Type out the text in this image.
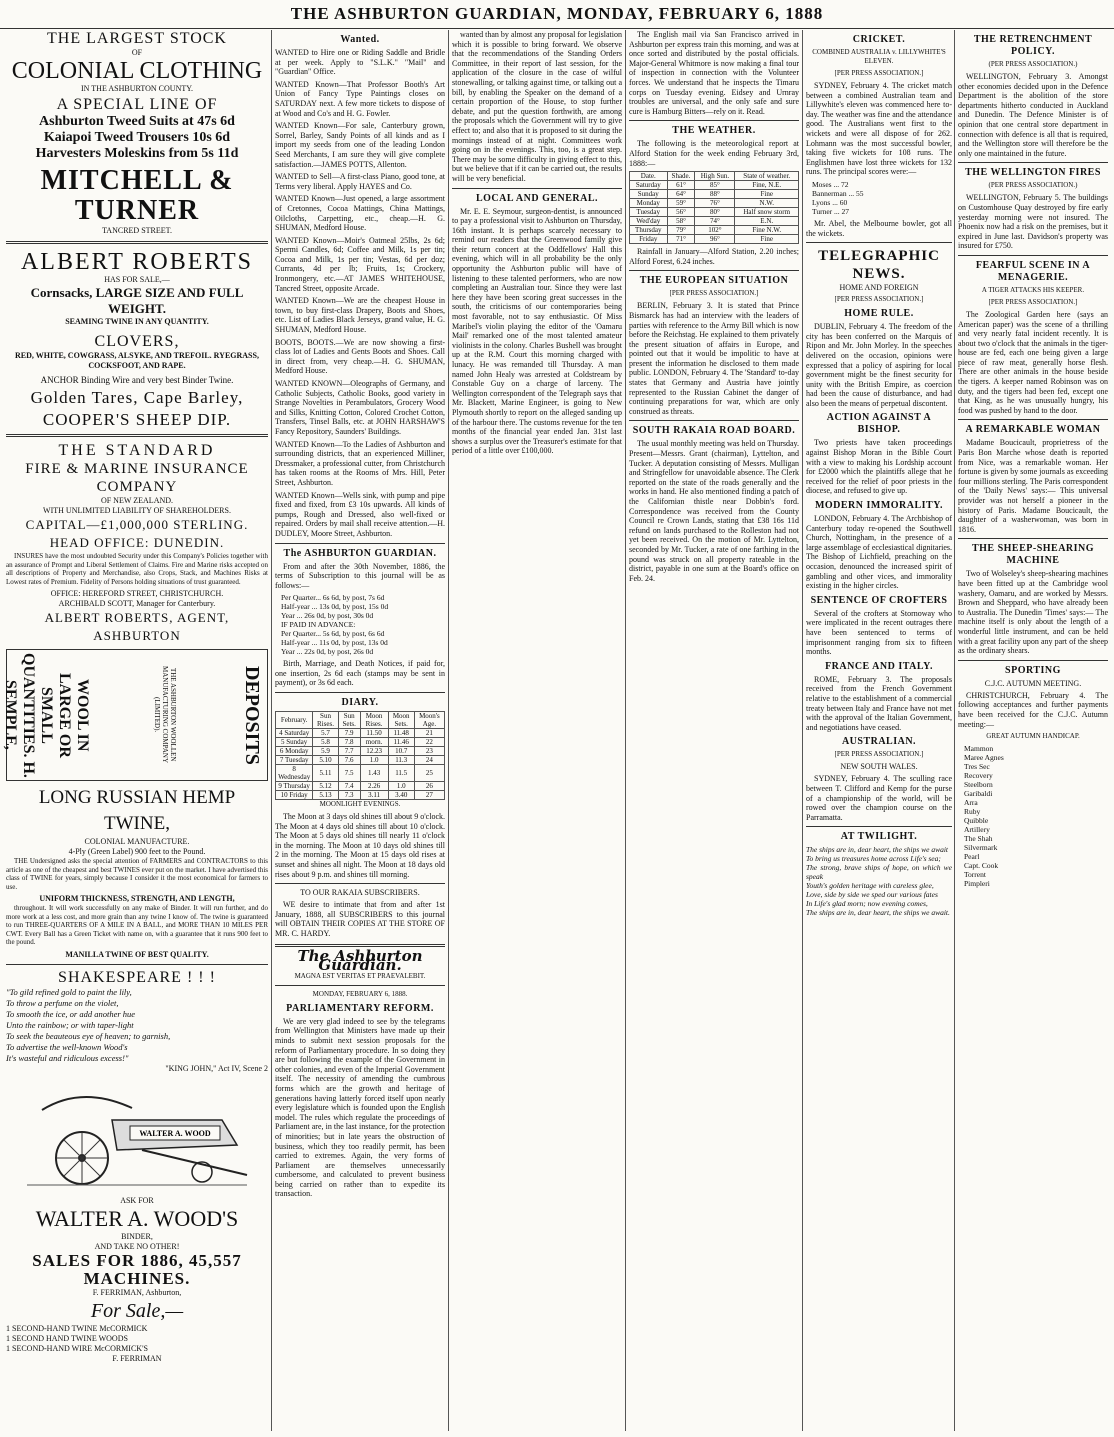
THE ASHBURTON GUARDIAN, MONDAY, FEBRUARY 6, 1888
THE LARGEST STOCK
OF
COLONIAL CLOTHING
IN THE ASHBURTON COUNTY.
A SPECIAL LINE OF
Ashburton Tweed Suits at 47s 6d
Kaiapoi Tweed Trousers 10s 6d
Harvesters Moleskins from 5s 11d
MITCHELL & TURNER
TANCRED STREET.
ALBERT ROBERTS
HAS FOR SALE,—
Cornsacks, LARGE SIZE AND FULL WEIGHT.
SEAMING TWINE IN ANY QUANTITY.
CLOVERS,
RED, WHITE, COWGRASS, ALSYKE, AND TREFOIL. RYEGRASS, COCKSFOOT, AND RAPE.
ANCHOR Binding Wire and very best Binder Twine.
Golden Tares, Cape Barley,
COOPER'S SHEEP DIP.
THE STANDARD
FIRE & MARINE INSURANCE COMPANY
OF NEW ZEALAND.
WITH UNLIMITED LIABILITY OF SHAREHOLDERS.
CAPITAL—£1,000,000 STERLING.
HEAD OFFICE: DUNEDIN.

INSURES have the most undoubted Security under this Company's Policies together with an assurance of Prompt and Liberal Settlement of Claims. Fire and Marine risks accepted on all descriptions of Property and Merchandise, also Crops, Stack, and Machines Risks at Lowest rates of Premium. Fidelity of Persons holding situations of trust guaranteed.

OFFICE: HEREFORD STREET, CHRISTCHURCH.
ARCHIBALD SCOTT, Manager for Canterbury.
ALBERT ROBERTS, AGENT, ASHBURTON
WOOL IN LARGE OR SMALL QUANTITIES. H. SEMPLE,	THE ASHBURTON WOOLLEN MANUFACTURING COMPANY (LIMITED).	DEPOSITS
LONG RUSSIAN HEMP TWINE,
COLONIAL MANUFACTURE.
4-Ply (Green Label) 900 feet to the Pound.

THE Undersigned asks the special attention of FARMERS and CONTRACTORS to this article as one of the cheapest and best TWINES ever put on the market. I have advertised this class of TWINE for years, simply because I consider it the most economical for farmers to use.

UNIFORM THICKNESS, STRENGTH, AND LENGTH,

throughout. It will work successfully on any make of Binder. It will run further, and do more work at a less cost, and more grain than any twine I know of. The twine is guaranteed to run THREE-QUARTERS OF A MILE IN A BALL, and MORE THAN 10 MILES PER CWT. Every Ball has a Green Ticket with name on, with a guarantee that it runs 900 feet to the pound.

MANILLA TWINE OF BEST QUALITY.
SHAKESPEARE ! ! !
"To gild refined gold to paint the lily,
To throw a perfume on the violet,
To smooth the ice, or add another hue
Unto the rainbow; or with taper-light
To seek the beauteous eye of heaven; to garnish,
To advertise the well-known Wood's
It's wasteful and ridiculous excess!"
"KING JOHN," Act IV, Scene 2
WALTER A. WOOD
ASK FOR
WALTER A. WOOD'S
BINDER,
AND TAKE NO OTHER!
SALES FOR 1886, 45,557 MACHINES.
F. FERRIMAN, Ashburton,
For Sale,—
1 SECOND-HAND TWINE McCORMICK
1 SECOND HAND TWINE WOODS
1 SECOND-HAND WIRE McCORMICK'S
F. FERRIMAN
Wanted.

WANTED to Hire one or Riding Saddle and Bridle at per week. Apply to "S.L.K." "Mail" and "Guardian" Office.

WANTED Known—That Professor Booth's Art Union of Fancy Type Paintings closes on SATURDAY next. A few more tickets to dispose of at Wood and Co's and H. G. Fowler.

WANTED Known—For sale, Canterbury grown, Sorrel, Barley, Sandy Points of all kinds and as I import my seeds from one of the leading London Seed Merchants, I am sure they will give complete satisfaction.—JAMES POTTS, Allenton.

WANTED to Sell—A first-class Piano, good tone, at Terms very liberal. Apply HAYES and Co.

WANTED Known—Just opened, a large assortment of Cretonnes, Cocoa Mattings, China Mattings, Oilcloths, Carpetting, etc., cheap.—H. G. SHUMAN, Medford House.

WANTED Known—Moir's Oatmeal 25lbs, 2s 6d; Spermi Candles, 6d; Coffee and Milk, 1s per tin; Cocoa and Milk, 1s per tin; Vestas, 6d per doz; Currants, 4d per lb; Fruits, 1s; Crockery, Ironmongery, etc.—AT JAMES WHITEHOUSE, Tancred Street, opposite Arcade.

WANTED Known—We are the cheapest House in town, to buy first-class Drapery, Boots and Shoes, etc. List of Ladies Black Jerseys, grand value, H. G. SHUMAN, Medford House.

BOOTS, BOOTS.—We are now showing a first-class lot of Ladies and Gents Boots and Shoes. Call in direct from, very cheap.—H. G. SHUMAN, Medford House.

WANTED KNOWN—Oleographs of Germany, and Catholic Subjects, Catholic Books, good variety in Strange Novelties in Perambulators, Grocery Wood and Silks, Knitting Cotton, Colored Crochet Cotton, Transfers, Tinsel Balls, etc. at JOHN HARSHAW'S Fancy Repository, Saunders' Buildings.

WANTED Known—To the Ladies of Ashburton and surrounding districts, that an experienced Milliner, Dressmaker, a professional cutter, from Christchurch has taken rooms at the Rooms of Mrs. Hill, Peter Street, Ashburton.

WANTED Known—Wells sink, with pump and pipe fixed and fixed, from £3 10s upwards. All kinds of pumps, Rough and Dressed, also well-fixed or repaired. Orders by mail shall receive attention.—H. DUDLEY, Moore Street, Ashburton.

The ASHBURTON GUARDIAN.

From and after the 30th November, 1886, the terms of Subscription to this journal will be as follows:—

Per Quarter... 6s 6d, by post, 7s 6d
Half-year ... 13s 0d, by post, 15s 0d
Year ... 26s 0d, by post, 30s 0d
IF PAID IN ADVANCE:
Per Quarter... 5s 6d, by post, 6s 6d
Half-year ... 11s 0d, by post, 13s 0d
Year ... 22s 0d, by post, 26s 0d

Birth, Marriage, and Death Notices, if paid for, one insertion, 2s 6d each (stamps may be sent in payment), or 3s 6d each.

DIARY.
February.	Sun Rises.	Sun Sets.	Moon Rises.	Moon Sets.	Moon's Age.
4 Saturday	5.7	7.9	11.50	11.48	21
5 Sunday	5.8	7.8	morn.	11.46	22
6 Monday	5.9	7.7	12.23	10.7	23
7 Tuesday	5.10	7.6	1.0	11.3	24
8 Wednesday	5.11	7.5	1.43	11.5	25
9 Thursday	5.12	7.4	2.26	1.0	26
10 Friday	5.13	7.3	3.11	3.40	27
MOONLIGHT EVENINGS.

The Moon at 3 days old shines till about 9 o'clock. The Moon at 4 days old shines till about 10 o'clock. The Moon at 5 days old shines till nearly 11 o'clock in the morning. The Moon at 10 days old shines till 2 in the morning. The Moon at 15 days old rises at sunset and shines all night. The Moon at 18 days old rises about 9 p.m. and shines till morning.

TO OUR RAKAIA SUBSCRIBERS.

WE desire to intimate that from and after 1st January, 1888, all SUBSCRIBERS to this journal will OBTAIN THEIR COPIES AT THE STORE OF MR. C. HARDY.

The Ashburton Guardian.
MAGNA EST VERITAS ET PRAEVALEBIT.
MONDAY, FEBRUARY 6, 1888.
PARLIAMENTARY REFORM.

We are very glad indeed to see by the telegrams from Wellington that Ministers have made up their minds to submit next session proposals for the reform of Parliamentary procedure. In so doing they are but following the example of the Government in other colonies, and even of the Imperial Government itself. The necessity of amending the cumbrous forms which are the growth and heritage of generations having latterly forced itself upon nearly every legislature which is founded upon the English model. The rules which regulate the proceedings of Parliament are, in the last instance, for the protection of minorities; but in late years the obstruction of business, which they too readily permit, has been carried to extremes. Again, the very forms of Parliament are themselves unnecessarily cumbersome, and calculated to prevent business being carried on rather than to expedite its transaction.

wanted than by almost any proposal for legislation which it is possible to bring forward. We observe that the recommendations of the Standing Orders Committee, in their report of last session, for the application of the closure in the case of wilful stonewalling, or talking against time, or talking out a bill, by enabling the Speaker on the demand of a certain proportion of the House, to stop further debate, and put the question forthwith, are among the proposals which the Government will try to give effect to; and also that it is proposed to sit during the mornings instead of at night. Committees work going on in the evenings. This, too, is a great step. There may be some difficulty in giving effect to this, but we believe that if it can be carried out, the results will be very beneficial.

LOCAL AND GENERAL.

Mr. E. E. Seymour, surgeon-dentist, is announced to pay a professional visit to Ashburton on Thursday, 16th instant. It is perhaps scarcely necessary to remind our readers that the Greenwood family give their return concert at the Oddfellows' Hall this evening, which will in all probability be the only opportunity the Ashburton public will have of listening to these talented performers, who are now completing an Australian tour. Since they were last here they have been scoring great successes in the south, the criticisms of our contemporaries being most favorable, not to say enthusiastic. Of Miss Maribel's violin playing the editor of the 'Oamaru Mail' remarked one of the most talented amateur violinists in the colony. Charles Bushell was brought up at the R.M. Court this morning charged with lunacy. He was remanded till Thursday. A man named John Healy was arrested at Coldstream by Constable Guy on a charge of larceny. The Wellington correspondent of the Telegraph says that Mr. Blackett, Marine Engineer, is going to New Plymouth shortly to report on the alleged sanding up of the harbour there. The customs revenue for the ten months of the financial year ended Jan. 31st last shows a surplus over the Treasurer's estimate for that period of a little over £100,000.

The English mail via San Francisco arrived in Ashburton per express train this morning, and was at once sorted and distributed by the postal officials. Major-General Whitmore is now making a final tour of inspection in connection with the Volunteer forces. We understand that he inspects the Timaru corps on Tuesday evening. Eidsey and Urnray troubles are universal, and the only safe and sure cure is Hamburg Bitters—rely on it. Read.

THE WEATHER.

The following is the meteorological report at Alford Station for the week ending February 3rd, 1888:—

Date.	Shade.	High Sun.	State of weather.
Saturday	61°	85°	Fine, N.E.
Sunday	64°	88°	Fine
Monday	59°	76°	N.W.
Tuesday	56°	80°	Half snow storm
Wed'day	58°	74°	E.N.
Thursday	79°	102°	Fine N.W.
Friday	71°	96°	Fine

Rainfall in January—Alford Station, 2.20 inches; Alford Forest, 6.24 inches.

THE EUROPEAN SITUATION
[PER PRESS ASSOCIATION.]

BERLIN, February 3. It is stated that Prince Bismarck has had an interview with the leaders of parties with reference to the Army Bill which is now before the Reichstag. He explained to them privately the present situation of affairs in Europe, and pointed out that it would be impolitic to have at present the information he disclosed to them made public. LONDON, February 4. The 'Standard' to-day states that Germany and Austria have jointly represented to the Russian Cabinet the danger of continuing preparations for war, which are only construed as threats.

SOUTH RAKAIA ROAD BOARD.

The usual monthly meeting was held on Thursday. Present—Messrs. Grant (chairman), Lyttelton, and Tucker. A deputation consisting of Messrs. Mulligan and Stringfellow for unavoidable absence. The Clerk reported on the state of the roads generally and the works in hand. He also mentioned finding a patch of the Californian thistle near Dobbin's ford. Correspondence was received from the County Council re Crown Lands, stating that £38 16s 11d refund on lands purchased to the Rolleston had not yet been received. On the motion of Mr. Lyttelton, seconded by Mr. Tucker, a rate of one farthing in the pound was struck on all property rateable in the district, payable in one sum at the Board's office on Feb. 24.

CRICKET.
COMBINED AUSTRALIA v. LILLYWHITE'S ELEVEN.
[PER PRESS ASSOCIATION.]

SYDNEY, February 4. The cricket match between a combined Australian team and Lillywhite's eleven was commenced here to-day. The weather was fine and the attendance good. The Australians went first to the wickets and were all dispose of for 262. Lohmann was the most successful bowler, taking five wickets for 108 runs. The Englishmen have lost three wickets for 132 runs. The principal scores were:—

Moses ... 72
Bannerman ... 55
Lyons ... 60
Turner ... 27

Mr. Abel, the Melbourne bowler, got all the wickets.

TELEGRAPHIC NEWS.
HOME AND FOREIGN
[PER PRESS ASSOCIATION.]
HOME RULE.

DUBLIN, February 4. The freedom of the city has been conferred on the Marquis of Ripon and Mr. John Morley. In the speeches delivered on the occasion, opinions were expressed that a policy of aspiring for local government might be the finest security for unity with the British Empire, as coercion had been the cause of disturbance, and had also been the means of perpetual discontent.

ACTION AGAINST A BISHOP.

Two priests have taken proceedings against Bishop Moran in the Bible Court with a view to making his Lordship account for £2000 which the plaintiffs allege that he received for the relief of poor priests in the diocese, and refused to give up.

MODERN IMMORALITY.

LONDON, February 4. The Archbishop of Canterbury today re-opened the Southwell Church, Nottingham, in the presence of a large assemblage of ecclesiastical dignitaries. The Bishop of Lichfield, preaching on the occasion, denounced the increased spirit of gambling and other vices, and immorality existing in the higher circles.

SENTENCE OF CROFTERS

Several of the crofters at Stornoway who were implicated in the recent outrages there have been sentenced to terms of imprisonment ranging from six to fifteen months.

FRANCE AND ITALY.

ROME, February 3. The proposals received from the French Government relative to the establishment of a commercial treaty between Italy and France have not met with the approval of the Italian Government, and negotiations have ceased.

AUSTRALIAN.
[PER PRESS ASSOCIATION.]
NEW SOUTH WALES.

SYDNEY, February 4. The sculling race between T. Clifford and Kemp for the purse of a championship of the world, will be rowed over the champion course on the Parramatta.

AT TWILIGHT.
The ships are in, dear heart, the ships we await
To bring us treasures home across Life's sea;
The strong, brave ships of hope, on which we speak
Youth's golden heritage with careless glee,
Love, side by side we sped our various fates
In Life's glad morn; now evening comes,
The ships are in, dear heart, the ships we await.
THE RETRENCHMENT POLICY.
(PER PRESS ASSOCIATION.)

WELLINGTON, February 3. Amongst other economies decided upon in the Defence Department is the abolition of the store departments hitherto conducted in Auckland and Dunedin. The Defence Minister is of opinion that one central store department in connection with defence is all that is required, and the Wellington store will therefore be the only one maintained in the future.

THE WELLINGTON FIRES
(PER PRESS ASSOCIATION.)

WELLINGTON, February 5. The buildings on Customhouse Quay destroyed by fire early yesterday morning were not insured. The Phoenix now had a risk on the premises, but it expired in June last. Davidson's property was insured for £750.

FEARFUL SCENE IN A MENAGERIE.
A TIGER ATTACKS HIS KEEPER.
[PER PRESS ASSOCIATION.]

The Zoological Garden here (says an American paper) was the scene of a thrilling and very nearly fatal incident recently. It is about two o'clock that the animals in the tiger-house are fed, each one being given a large piece of raw meat, generally horse flesh. There are other animals in the house beside the tigers. A keeper named Robinson was on duty, and the tigers had been fed, except one that King, as he was unusually hungry, his food was pushed by hand to the door.

A REMARKABLE WOMAN

Madame Boucicault, proprietress of the Paris Bon Marche whose death is reported from Nice, was a remarkable woman. Her fortune is given by some journals as exceeding four millions sterling. The Paris correspondent of the 'Daily News' says:— This universal provider was not herself a pioneer in the history of Paris. Madame Boucicault, the daughter of a washerwoman, was born in 1816.

THE SHEEP-SHEARING MACHINE

Two of Wolseley's sheep-shearing machines have been fitted up at the Cambridge wool washery, Oamaru, and are worked by Messrs. Brown and Sheppard, who have already been to Australia. The Dunedin 'Times' says:— The machine itself is only about the length of a wonderful little instrument, and can be held with a great facility upon any part of the sheep as the ordinary shears.

SPORTING
C.J.C. AUTUMN MEETING.

CHRISTCHURCH, February 4. The following acceptances and further payments have been received for the C.J.C. Autumn meeting:—

GREAT AUTUMN HANDICAP.
Mammon
Maree Agnes
Tres Sec
Recovery
Steelborn
Garibaldi
Arra
Ruby
Quibble
Artillery
The Shah
Silvermark
Pearl
Capt. Cook
Torrent
Pimpleri
